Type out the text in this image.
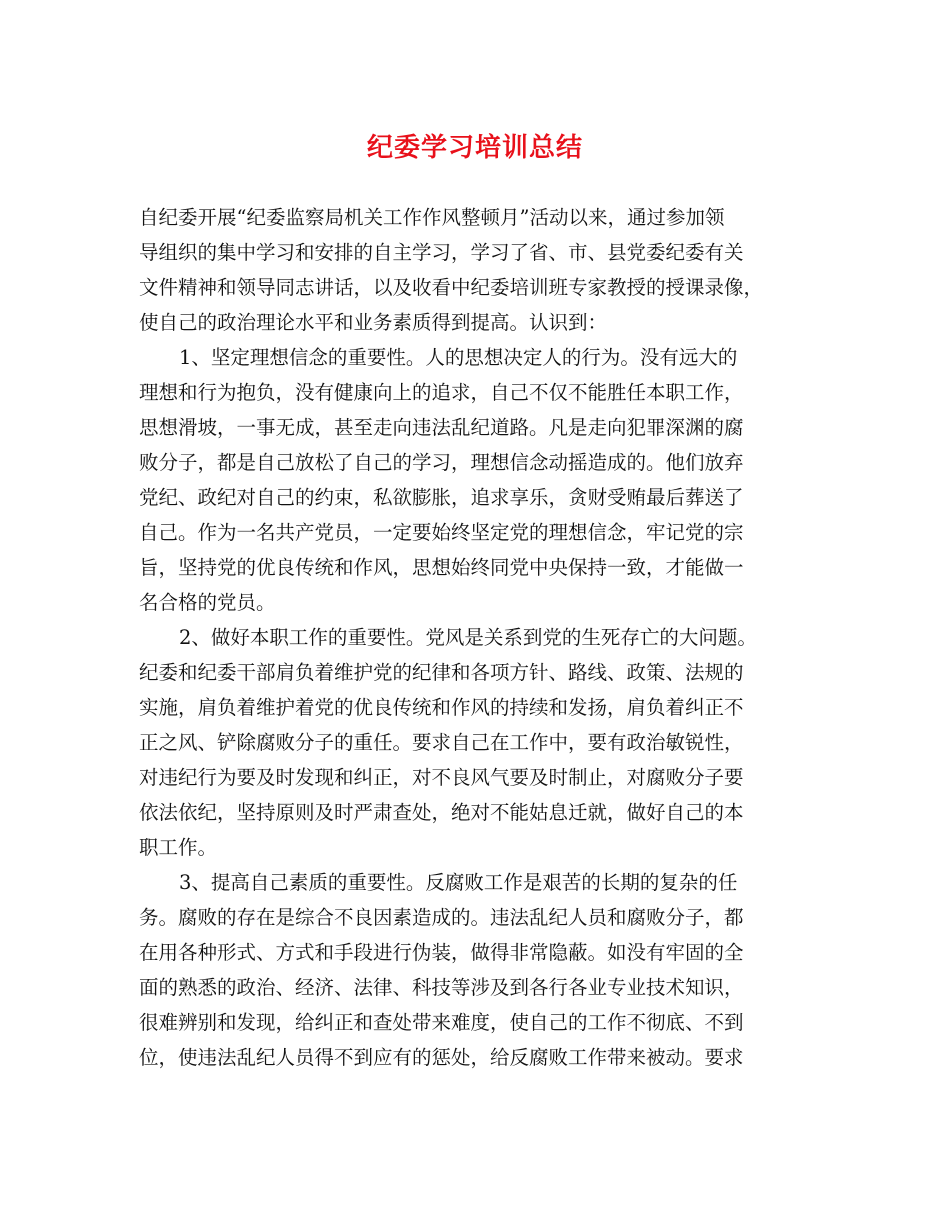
纪委学习培训总结
自纪委开展“纪委监察局机关工作作风整顿月”活动以来，通过参加领
导组织的集中学习和安排的自主学习，学习了省、市、县党委纪委有关
文件精神和领导同志讲话，以及收看中纪委培训班专家教授的授课录像，
使自己的政治理论水平和业务素质得到提高。认识到：
1、坚定理想信念的重要性。人的思想决定人的行为。没有远大的
理想和行为抱负，没有健康向上的追求，自己不仅不能胜任本职工作，
思想滑坡，一事无成，甚至走向违法乱纪道路。凡是走向犯罪深渊的腐
败分子，都是自己放松了自己的学习，理想信念动摇造成的。他们放弃
党纪、政纪对自己的约束，私欲膨胀，追求享乐，贪财受贿最后葬送了
自己。作为一名共产党员，一定要始终坚定党的理想信念，牢记党的宗
旨，坚持党的优良传统和作风，思想始终同党中央保持一致，才能做一
名合格的党员。
2、做好本职工作的重要性。党风是关系到党的生死存亡的大问题。
纪委和纪委干部肩负着维护党的纪律和各项方针、路线、政策、法规的
实施，肩负着维护着党的优良传统和作风的持续和发扬，肩负着纠正不
正之风、铲除腐败分子的重任。要求自己在工作中，要有政治敏锐性，
对违纪行为要及时发现和纠正，对不良风气要及时制止，对腐败分子要
依法依纪，坚持原则及时严肃查处，绝对不能姑息迁就，做好自己的本
职工作。
3、提高自己素质的重要性。反腐败工作是艰苦的长期的复杂的任
务。腐败的存在是综合不良因素造成的。违法乱纪人员和腐败分子，都
在用各种形式、方式和手段进行伪装，做得非常隐蔽。如没有牢固的全
面的熟悉的政治、经济、法律、科技等涉及到各行各业专业技术知识，
很难辨别和发现，给纠正和查处带来难度，使自己的工作不彻底、不到
位，使违法乱纪人员得不到应有的惩处，给反腐败工作带来被动。要求
